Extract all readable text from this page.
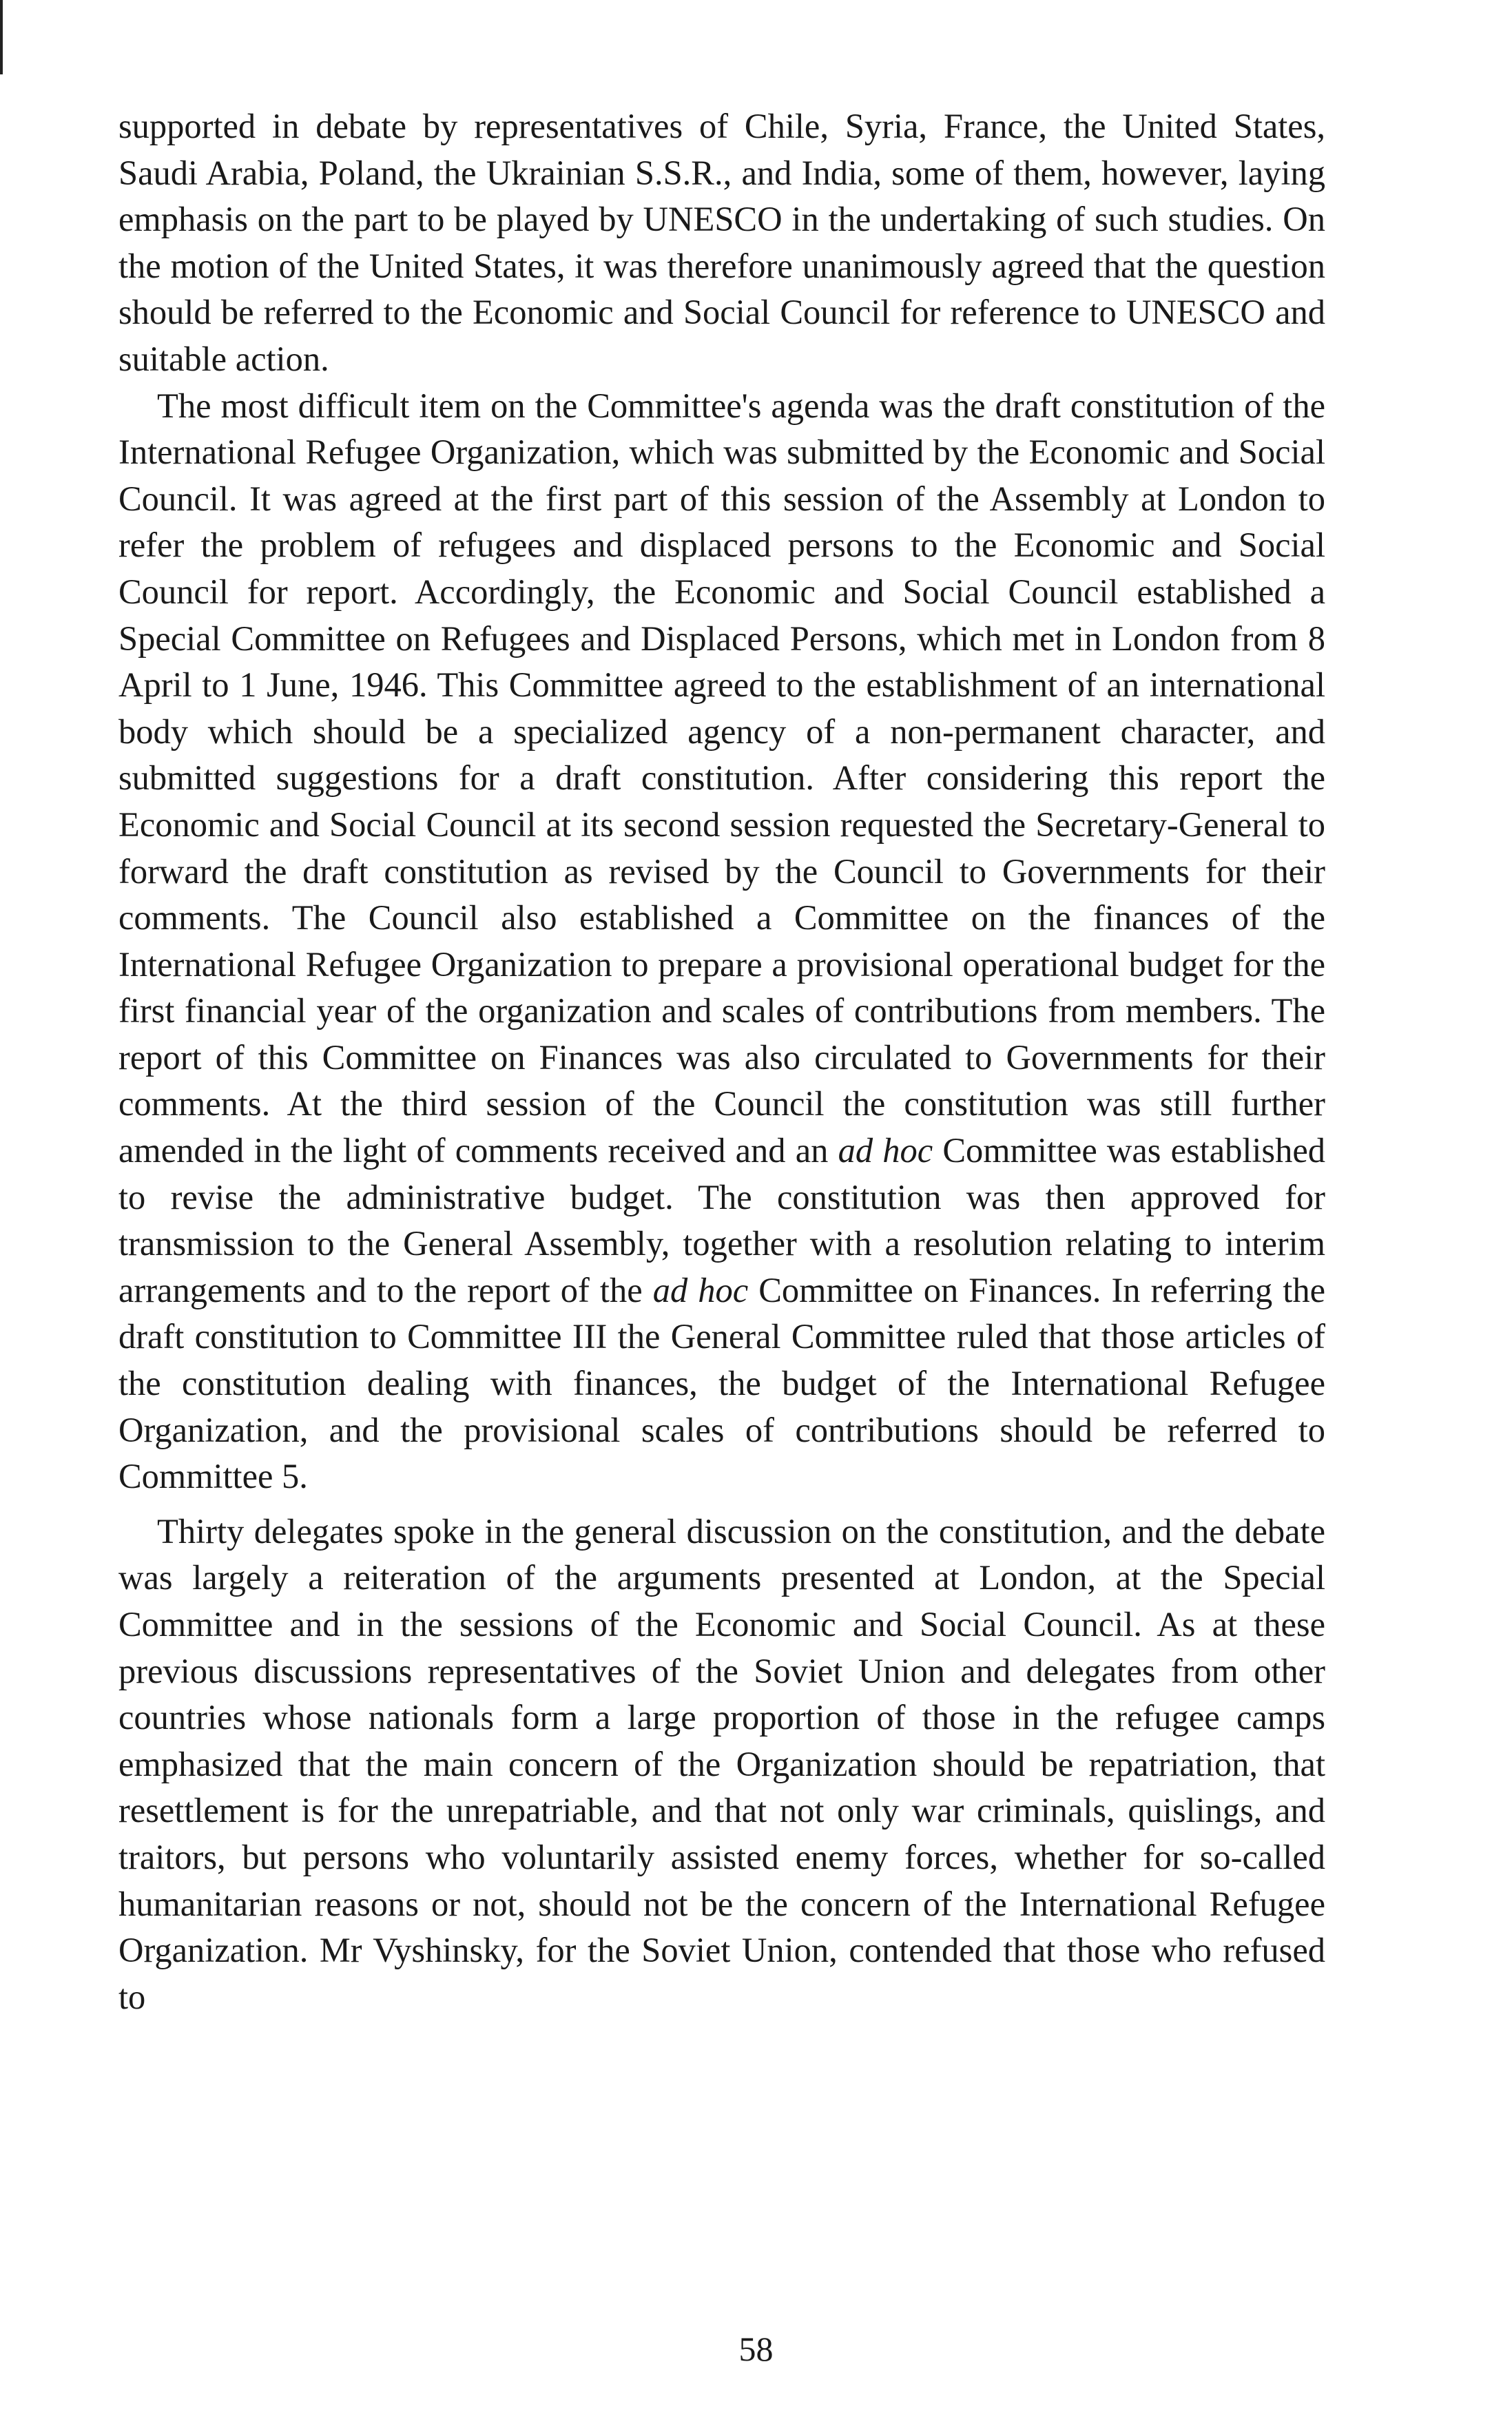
supported in debate by representatives of Chile, Syria, France, the United States, Saudi Arabia, Poland, the Ukrainian S.S.R., and India, some of them, however, laying emphasis on the part to be played by UNESCO in the undertaking of such studies. On the motion of the United States, it was therefore unanimously agreed that the question should be referred to the Economic and Social Council for reference to UNESCO and suitable action.

The most difficult item on the Committee's agenda was the draft constitution of the International Refugee Organization, which was submitted by the Economic and Social Council. It was agreed at the first part of this session of the Assembly at London to refer the problem of refugees and displaced persons to the Economic and Social Council for report. Accordingly, the Economic and Social Council established a Special Committee on Refugees and Displaced Persons, which met in London from 8 April to 1 June, 1946. This Committee agreed to the establishment of an international body which should be a specialized agency of a non-permanent character, and submitted suggestions for a draft constitution. After considering this report the Economic and Social Council at its second session requested the Secretary-General to forward the draft constitution as revised by the Council to Governments for their comments. The Council also established a Committee on the finances of the International Refugee Organization to prepare a provisional operational budget for the first financial year of the organization and scales of contributions from members. The report of this Committee on Finances was also circulated to Governments for their comments. At the third session of the Council the constitution was still further amended in the light of comments received and an ad hoc Committee was established to revise the administrative budget. The constitution was then approved for transmission to the General Assembly, together with a resolution relating to interim arrangements and to the report of the ad hoc Committee on Finances. In referring the draft constitution to Committee III the General Committee ruled that those articles of the constitution dealing with finances, the budget of the International Refugee Organization, and the provisional scales of contributions should be referred to Committee 5.

Thirty delegates spoke in the general discussion on the constitution, and the debate was largely a reiteration of the arguments presented at London, at the Special Committee and in the sessions of the Economic and Social Council. As at these previous discussions representatives of the Soviet Union and delegates from other countries whose nationals form a large proportion of those in the refugee camps emphasized that the main concern of the Organization should be repatriation, that resettlement is for the unrepatriable, and that not only war criminals, quislings, and traitors, but persons who voluntarily assisted enemy forces, whether for so-called humanitarian reasons or not, should not be the concern of the International Refugee Organization. Mr Vyshinsky, for the Soviet Union, contended that those who refused to

58
